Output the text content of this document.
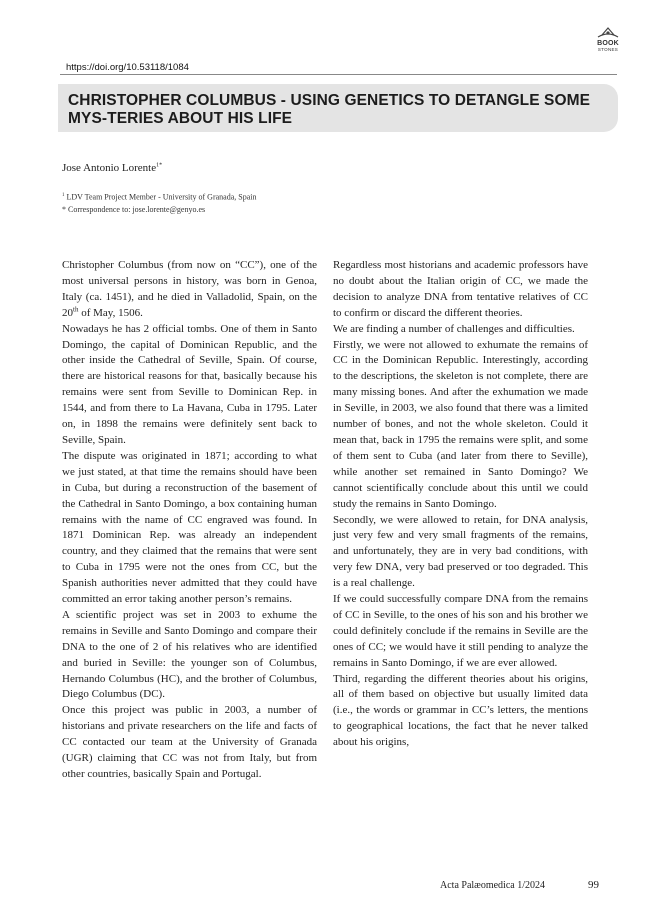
BOOK
STONES
https://doi.org/10.53118/1084
CHRISTOPHER COLUMBUS - USING GENETICS TO DETANGLE SOME MYS-TERIES ABOUT HIS LIFE
Jose Antonio Lorente$^{1*}$
$^1$ LDV Team Project Member - University of Granada, Spain
* Correspondence to: jose.lorente@genyo.es

Christopher Columbus (from now on “CC”), one of the most universal persons in history, was born in Genoa, Italy (ca. 1451), and he died in Valladolid, Spain, on the 20th of May, 1506.

Nowadays he has 2 official tombs. One of them in Santo Domingo, the capital of Dominican Republic, and the other inside the Cathedral of Seville, Spain. Of course, there are historical reasons for that, basically because his remains were sent from Seville to Dominican Rep. in 1544, and from there to La Havana, Cuba in 1795. Later on, in 1898 the remains were definitely sent back to Seville, Spain.

The dispute was originated in 1871; according to what we just stated, at that time the remains should have been in Cuba, but during a reconstruction of the basement of the Cathedral in Santo Domingo, a box containing human remains with the name of CC engraved was found. In 1871 Dominican Rep. was already an independent country, and they claimed that the remains that were sent to Cuba in 1795 were not the ones from CC, but the Spanish authorities never admitted that they could have committed an error taking another person’s remains.

A scientific project was set in 2003 to exhume the remains in Seville and Santo Domingo and compare their DNA to the one of 2 of his relatives who are identified and buried in Seville: the younger son of Columbus, Hernando Columbus (HC), and the brother of Columbus, Diego Columbus (DC).

Once this project was public in 2003, a number of historians and private researchers on the life and facts of CC contacted our team at the University of Granada (UGR) claiming that CC was not from Italy, but from other countries, basically Spain and Portugal.

Regardless most historians and academic professors have no doubt about the Italian origin of CC, we made the decision to analyze DNA from tentative relatives of CC to confirm or discard the different theories.

We are finding a number of challenges and difficulties.

Firstly, we were not allowed to exhumate the remains of CC in the Dominican Republic. Interestingly, according to the descriptions, the skeleton is not complete, there are many missing bones. And after the exhumation we made in Seville, in 2003, we also found that there was a limited number of bones, and not the whole skeleton. Could it mean that, back in 1795 the remains were split, and some of them sent to Cuba (and later from there to Seville), while another set remained in Santo Domingo? We cannot scientifically conclude about this until we could study the remains in Santo Domingo.

Secondly, we were allowed to retain, for DNA analysis, just very few and very small fragments of the remains, and unfortunately, they are in very bad conditions, with very few DNA, very bad preserved or too degraded. This is a real challenge.

If we could successfully compare DNA from the remains of CC in Seville, to the ones of his son and his brother we could definitely conclude if the remains in Seville are the ones of CC; we would have it still pending to analyze the remains in Santo Domingo, if we are ever allowed.

Third, regarding the different theories about his origins, all of them based on objective but usually limited data (i.e., the words or grammar in CC’s letters, the mentions to geographical locations, the fact that he never talked about his origins,

Acta Palæomedica 1/2024	99
